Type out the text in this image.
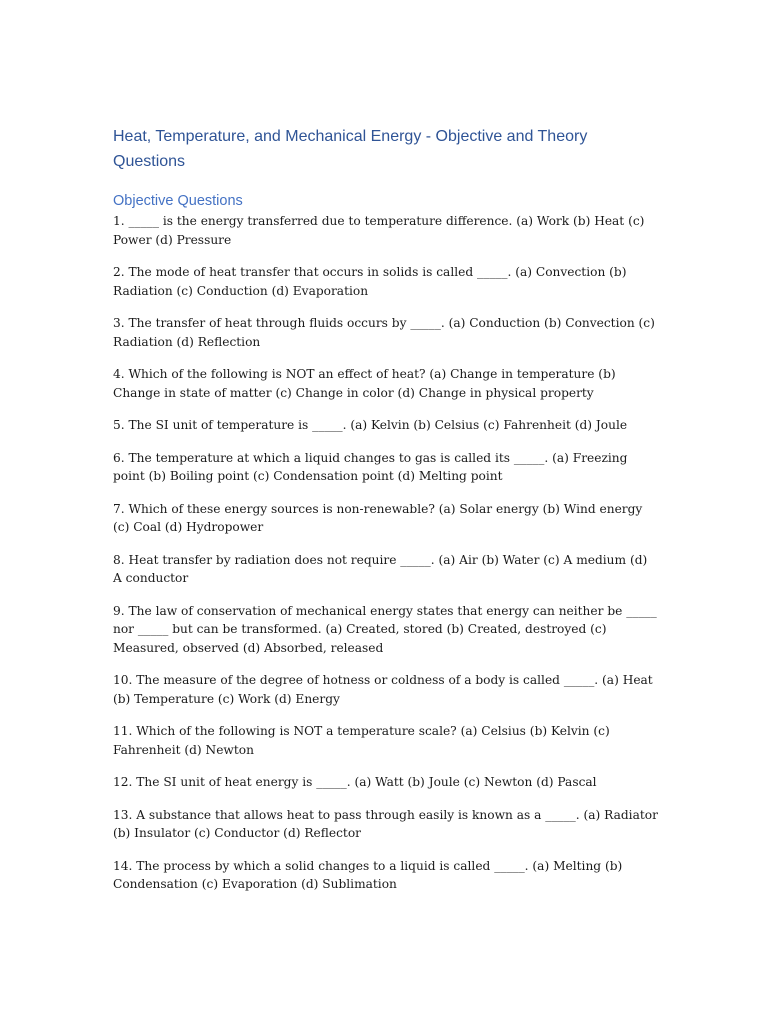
Heat, Temperature, and Mechanical Energy - Objective and Theory Questions
Objective Questions
1. _____ is the energy transferred due to temperature difference. (a) Work (b) Heat (c) Power (d) Pressure
2. The mode of heat transfer that occurs in solids is called _____. (a) Convection (b) Radiation (c) Conduction (d) Evaporation
3. The transfer of heat through fluids occurs by _____. (a) Conduction (b) Convection (c) Radiation (d) Reflection
4. Which of the following is NOT an effect of heat? (a) Change in temperature (b) Change in state of matter (c) Change in color (d) Change in physical property
5. The SI unit of temperature is _____. (a) Kelvin (b) Celsius (c) Fahrenheit (d) Joule
6. The temperature at which a liquid changes to gas is called its _____. (a) Freezing point (b) Boiling point (c) Condensation point (d) Melting point
7. Which of these energy sources is non-renewable? (a) Solar energy (b) Wind energy (c) Coal (d) Hydropower
8. Heat transfer by radiation does not require _____. (a) Air (b) Water (c) A medium (d) A conductor
9. The law of conservation of mechanical energy states that energy can neither be _____ nor _____ but can be transformed. (a) Created, stored (b) Created, destroyed (c) Measured, observed (d) Absorbed, released
10. The measure of the degree of hotness or coldness of a body is called _____. (a) Heat (b) Temperature (c) Work (d) Energy
11. Which of the following is NOT a temperature scale? (a) Celsius (b) Kelvin (c) Fahrenheit (d) Newton
12. The SI unit of heat energy is _____. (a) Watt (b) Joule (c) Newton (d) Pascal
13. A substance that allows heat to pass through easily is known as a _____. (a) Radiator (b) Insulator (c) Conductor (d) Reflector
14. The process by which a solid changes to a liquid is called _____. (a) Melting (b) Condensation (c) Evaporation (d) Sublimation
